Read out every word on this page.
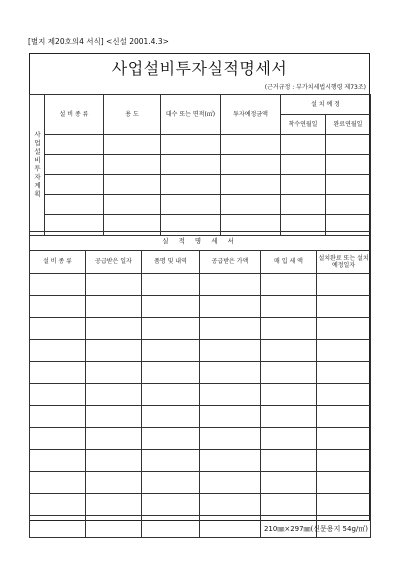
[별지 제20호의4 서식] <신설 2001.4.3>
사업설비투자실적명세서
(근거규정 : 부가치세법시행령 제73조)
사업설비투자계획	설 비 종 류	용 도	대수 또는 면적(㎡)	투자예정금액	설 치 예 정	
					착수연월일	완료연월일

실 적 명 세 서					
설 비 종 류	공급받은 일자	품명 및 내역	공급받은 가액	매 입 세 액	설치완료 또는 설치예정일자

210㎜×297㎜(신문용지 54g/㎡)
